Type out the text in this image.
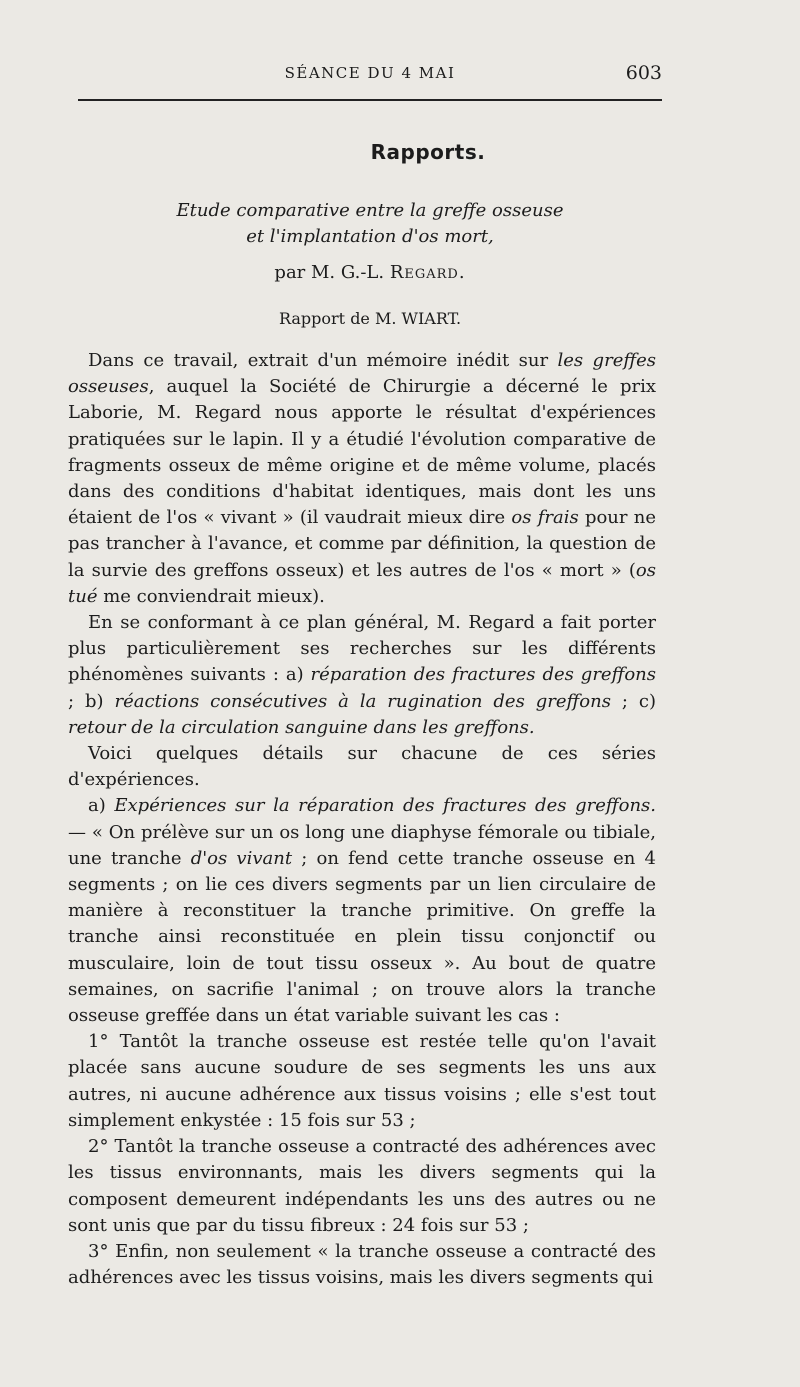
SÉANCE DU 4 MAI	603
Rapports.
Etude comparative entre la greffe osseuse
et l'implantation d'os mort,
par M. G.-L. Regard.
Rapport de M. WIART.

Dans ce travail, extrait d'un mémoire inédit sur les greffes osseuses, auquel la Société de Chirurgie a décerné le prix Laborie, M. Regard nous apporte le résultat d'expériences pratiquées sur le lapin. Il y a étudié l'évolution comparative de fragments osseux de même origine et de même volume, placés dans des conditions d'habitat identiques, mais dont les uns étaient de l'os « vivant » (il vaudrait mieux dire os frais pour ne pas trancher à l'avance, et comme par définition, la question de la survie des greffons osseux) et les autres de l'os « mort » (os tué me conviendrait mieux).

En se conformant à ce plan général, M. Regard a fait porter plus particulièrement ses recherches sur les différents phénomènes suivants : a) réparation des fractures des greffons ; b) réactions consécutives à la rugination des greffons ; c) retour de la circulation sanguine dans les greffons.

Voici quelques détails sur chacune de ces séries d'expériences.

a) Expériences sur la réparation des fractures des greffons. — « On prélève sur un os long une diaphyse fémorale ou tibiale, une tranche d'os vivant ; on fend cette tranche osseuse en 4 segments ; on lie ces divers segments par un lien circulaire de manière à reconstituer la tranche primitive. On greffe la tranche ainsi reconstituée en plein tissu conjonctif ou musculaire, loin de tout tissu osseux ». Au bout de quatre semaines, on sacrifie l'animal ; on trouve alors la tranche osseuse greffée dans un état variable suivant les cas :

1° Tantôt la tranche osseuse est restée telle qu'on l'avait placée sans aucune soudure de ses segments les uns aux autres, ni aucune adhérence aux tissus voisins ; elle s'est tout simplement enkystée : 15 fois sur 53 ;

2° Tantôt la tranche osseuse a contracté des adhérences avec les tissus environnants, mais les divers segments qui la composent demeurent indépendants les uns des autres ou ne sont unis que par du tissu fibreux : 24 fois sur 53 ;

3° Enfin, non seulement « la tranche osseuse a contracté des adhérences avec les tissus voisins, mais les divers segments qui
